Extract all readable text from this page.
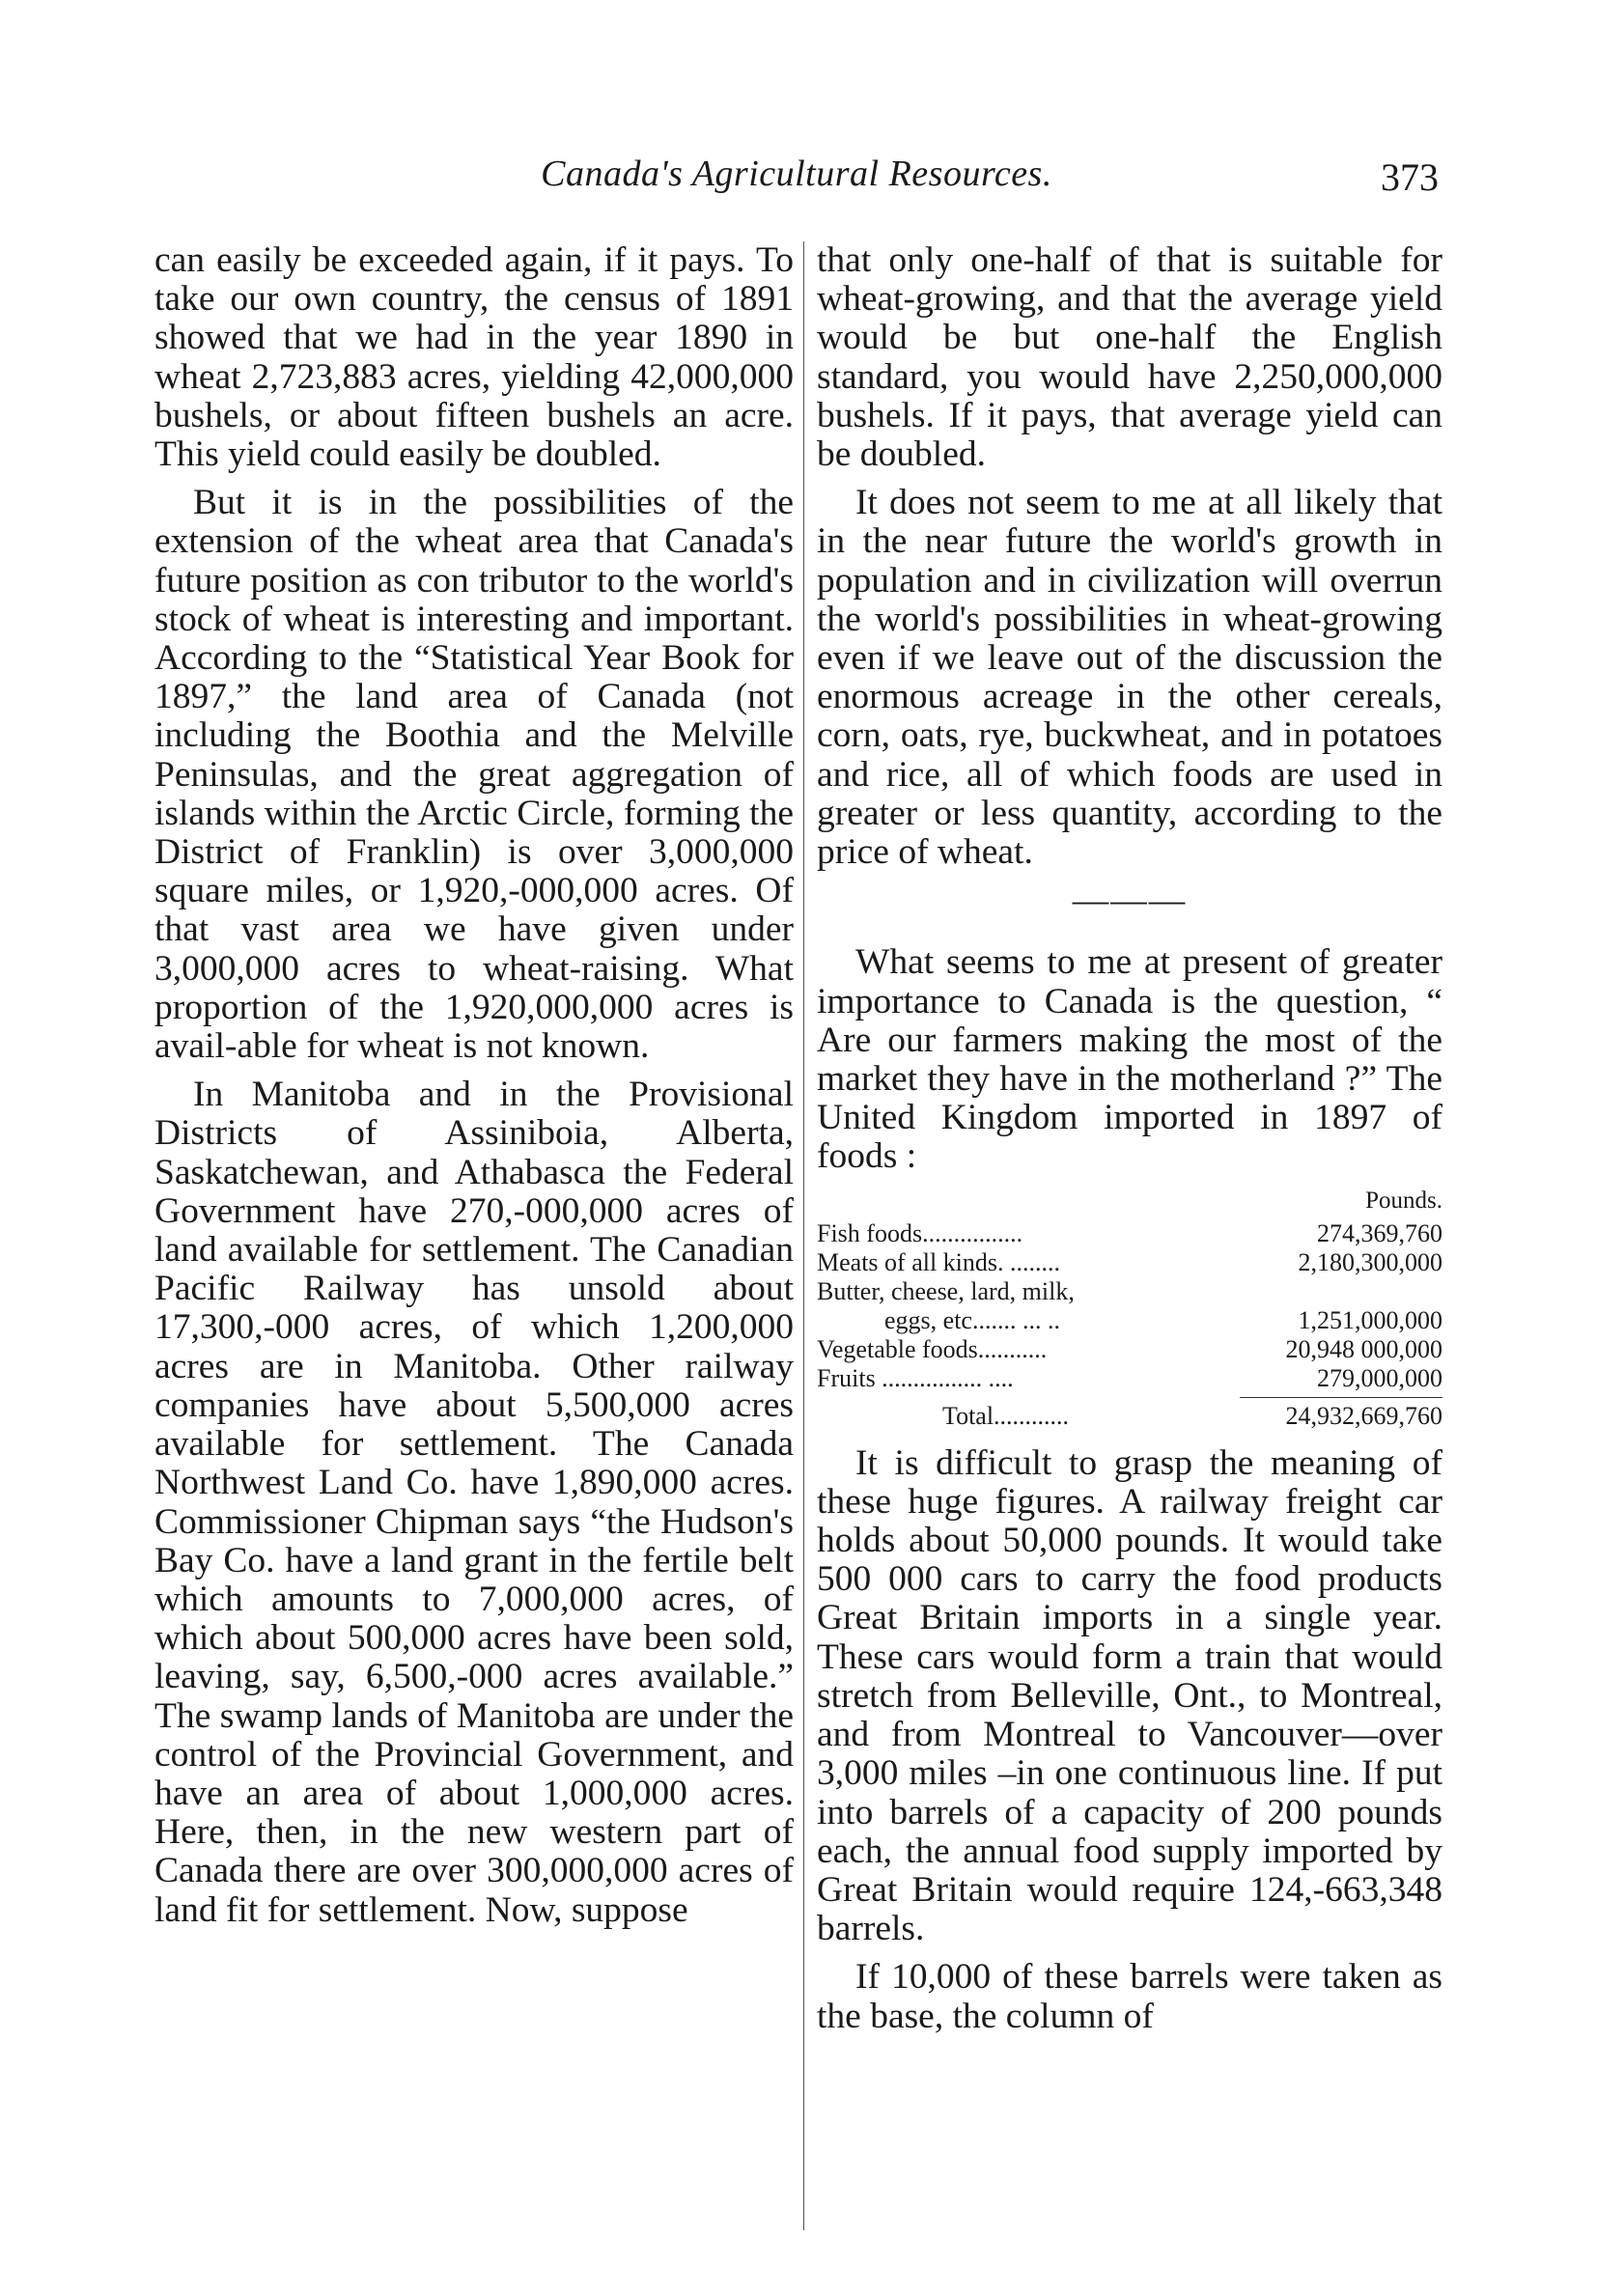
Canada's Agricultural Resources.	373

can easily be exceeded again, if it pays. To take our own country, the census of 1891 showed that we had in the year 1890 in wheat 2,723,883 acres, yielding 42,000,000 bushels, or about fifteen bushels an acre. This yield could easily be doubled.

But it is in the possibilities of the extension of the wheat area that Canada's future position as con tributor to the world's stock of wheat is interesting and important. According to the “Statistical Year Book for 1897,” the land area of Canada (not including the Boothia and the Melville Peninsulas, and the great aggregation of islands within the Arctic Circle, forming the District of Franklin) is over 3,000,000 square miles, or 1,920,-000,000 acres. Of that vast area we have given under 3,000,000 acres to wheat-raising. What proportion of the 1,920,000,000 acres is avail-able for wheat is not known.

In Manitoba and in the Provisional Districts of Assiniboia, Alberta, Saskatchewan, and Athabasca the Federal Government have 270,-000,000 acres of land available for settlement. The Canadian Pacific Railway has unsold about 17,300,-000 acres, of which 1,200,000 acres are in Manitoba. Other railway companies have about 5,500,000 acres available for settlement. The Canada Northwest Land Co. have 1,890,000 acres. Commissioner Chipman says “the Hudson's Bay Co. have a land grant in the fertile belt which amounts to 7,000,000 acres, of which about 500,000 acres have been sold, leaving, say, 6,500,-000 acres available.” The swamp lands of Manitoba are under the control of the Provincial Government, and have an area of about 1,000,000 acres. Here, then, in the new western part of Canada there are over 300,000,000 acres of land fit for settlement. Now, suppose

that only one-half of that is suitable for wheat-growing, and that the average yield would be but one-half the English standard, you would have 2,250,000,000 bushels. If it pays, that average yield can be doubled.

It does not seem to me at all likely that in the near future the world's growth in population and in civilization will overrun the world's possibilities in wheat-growing even if we leave out of the discussion the enormous acreage in the other cereals, corn, oats, rye, buckwheat, and in potatoes and rice, all of which foods are used in greater or less quantity, according to the price of wheat.

———

What seems to me at present of greater importance to Canada is the question, “ Are our farmers making the most of the market they have in the motherland ?” The United Kingdom imported in 1897 of foods :

Pounds.
Fish foods................	274,369,760
Meats of all kinds. ........	2,180,300,000
Butter, cheese, lard, milk,
eggs, etc....... ... ..	1,251,000,000
Vegetable foods...........	20,948 000,000
Fruits ................ ....	279,000,000
Total............	24,932,669,760

It is difficult to grasp the meaning of these huge figures. A railway freight car holds about 50,000 pounds. It would take 500 000 cars to carry the food products Great Britain imports in a single year. These cars would form a train that would stretch from Belleville, Ont., to Montreal, and from Montreal to Vancouver—over 3,000 miles –in one continuous line. If put into barrels of a capacity of 200 pounds each, the annual food supply imported by Great Britain would require 124,-663,348 barrels.

If 10,000 of these barrels were taken as the base, the column of
